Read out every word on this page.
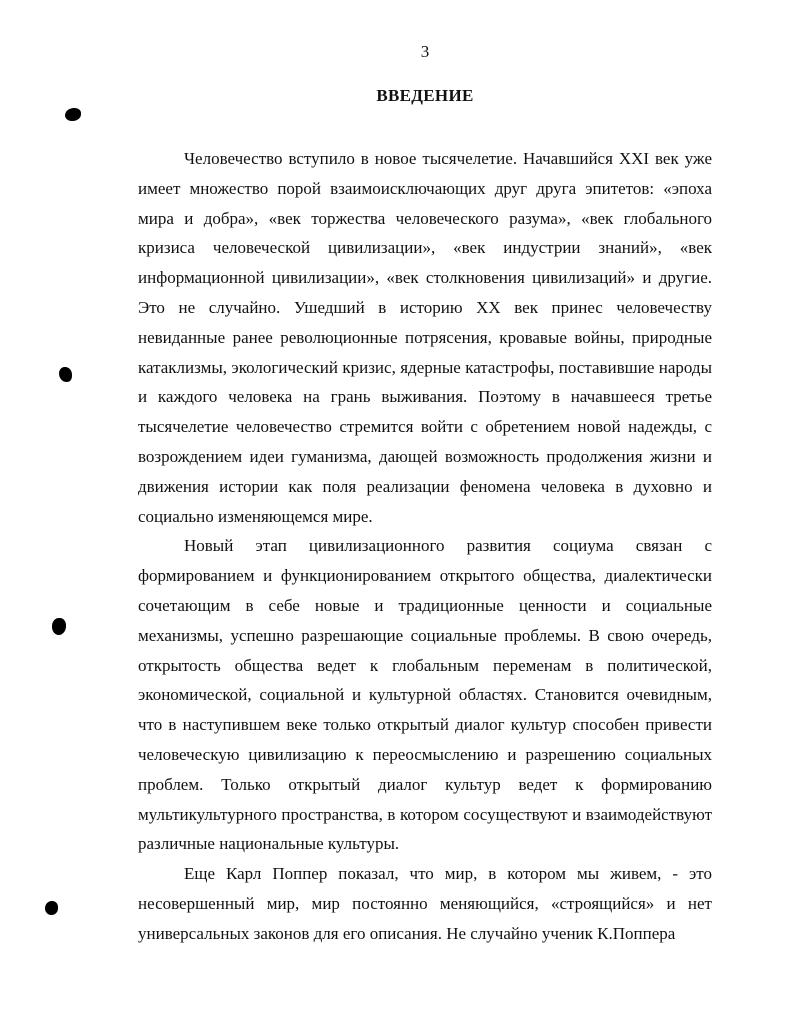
3
ВВЕДЕНИЕ

Человечество вступило в новое тысячелетие. Начавшийся XXI век уже имеет множество порой взаимоисключающих друг друга эпитетов: «эпоха мира и добра», «век торжества человеческого разума», «век глобального кризиса человеческой цивилизации», «век индустрии знаний», «век информационной цивилизации», «век столкновения цивилизаций» и другие. Это не случайно. Ушедший в историю XX век принес человечеству невиданные ранее революционные потрясения, кровавые войны, природные катаклизмы, экологический кризис, ядерные катастрофы, поставившие народы и каждого человека на грань выживания. Поэтому в начавшееся третье тысячелетие человечество стремится войти с обретением новой надежды, с возрождением идеи гуманизма, дающей возможность продолжения жизни и движения истории как поля реализации феномена человека в духовно и социально изменяющемся мире.

Новый этап цивилизационного развития социума связан с формированием и функционированием открытого общества, диалектически сочетающим в себе новые и традиционные ценности и социальные механизмы, успешно разрешающие социальные проблемы. В свою очередь, открытость общества ведет к глобальным переменам в политической, экономической, социальной и культурной областях. Становится очевидным, что в наступившем веке только открытый диалог культур способен привести человеческую цивилизацию к переосмыслению и разрешению социальных проблем. Только открытый диалог культур ведет к формированию мультикультурного пространства, в котором сосуществуют и взаимодействуют различные национальные культуры.

Еще Карл Поппер показал, что мир, в котором мы живем, - это несовершенный мир, мир постоянно меняющийся, «строящийся» и нет универсальных законов для его описания. Не случайно ученик К.Поппера
